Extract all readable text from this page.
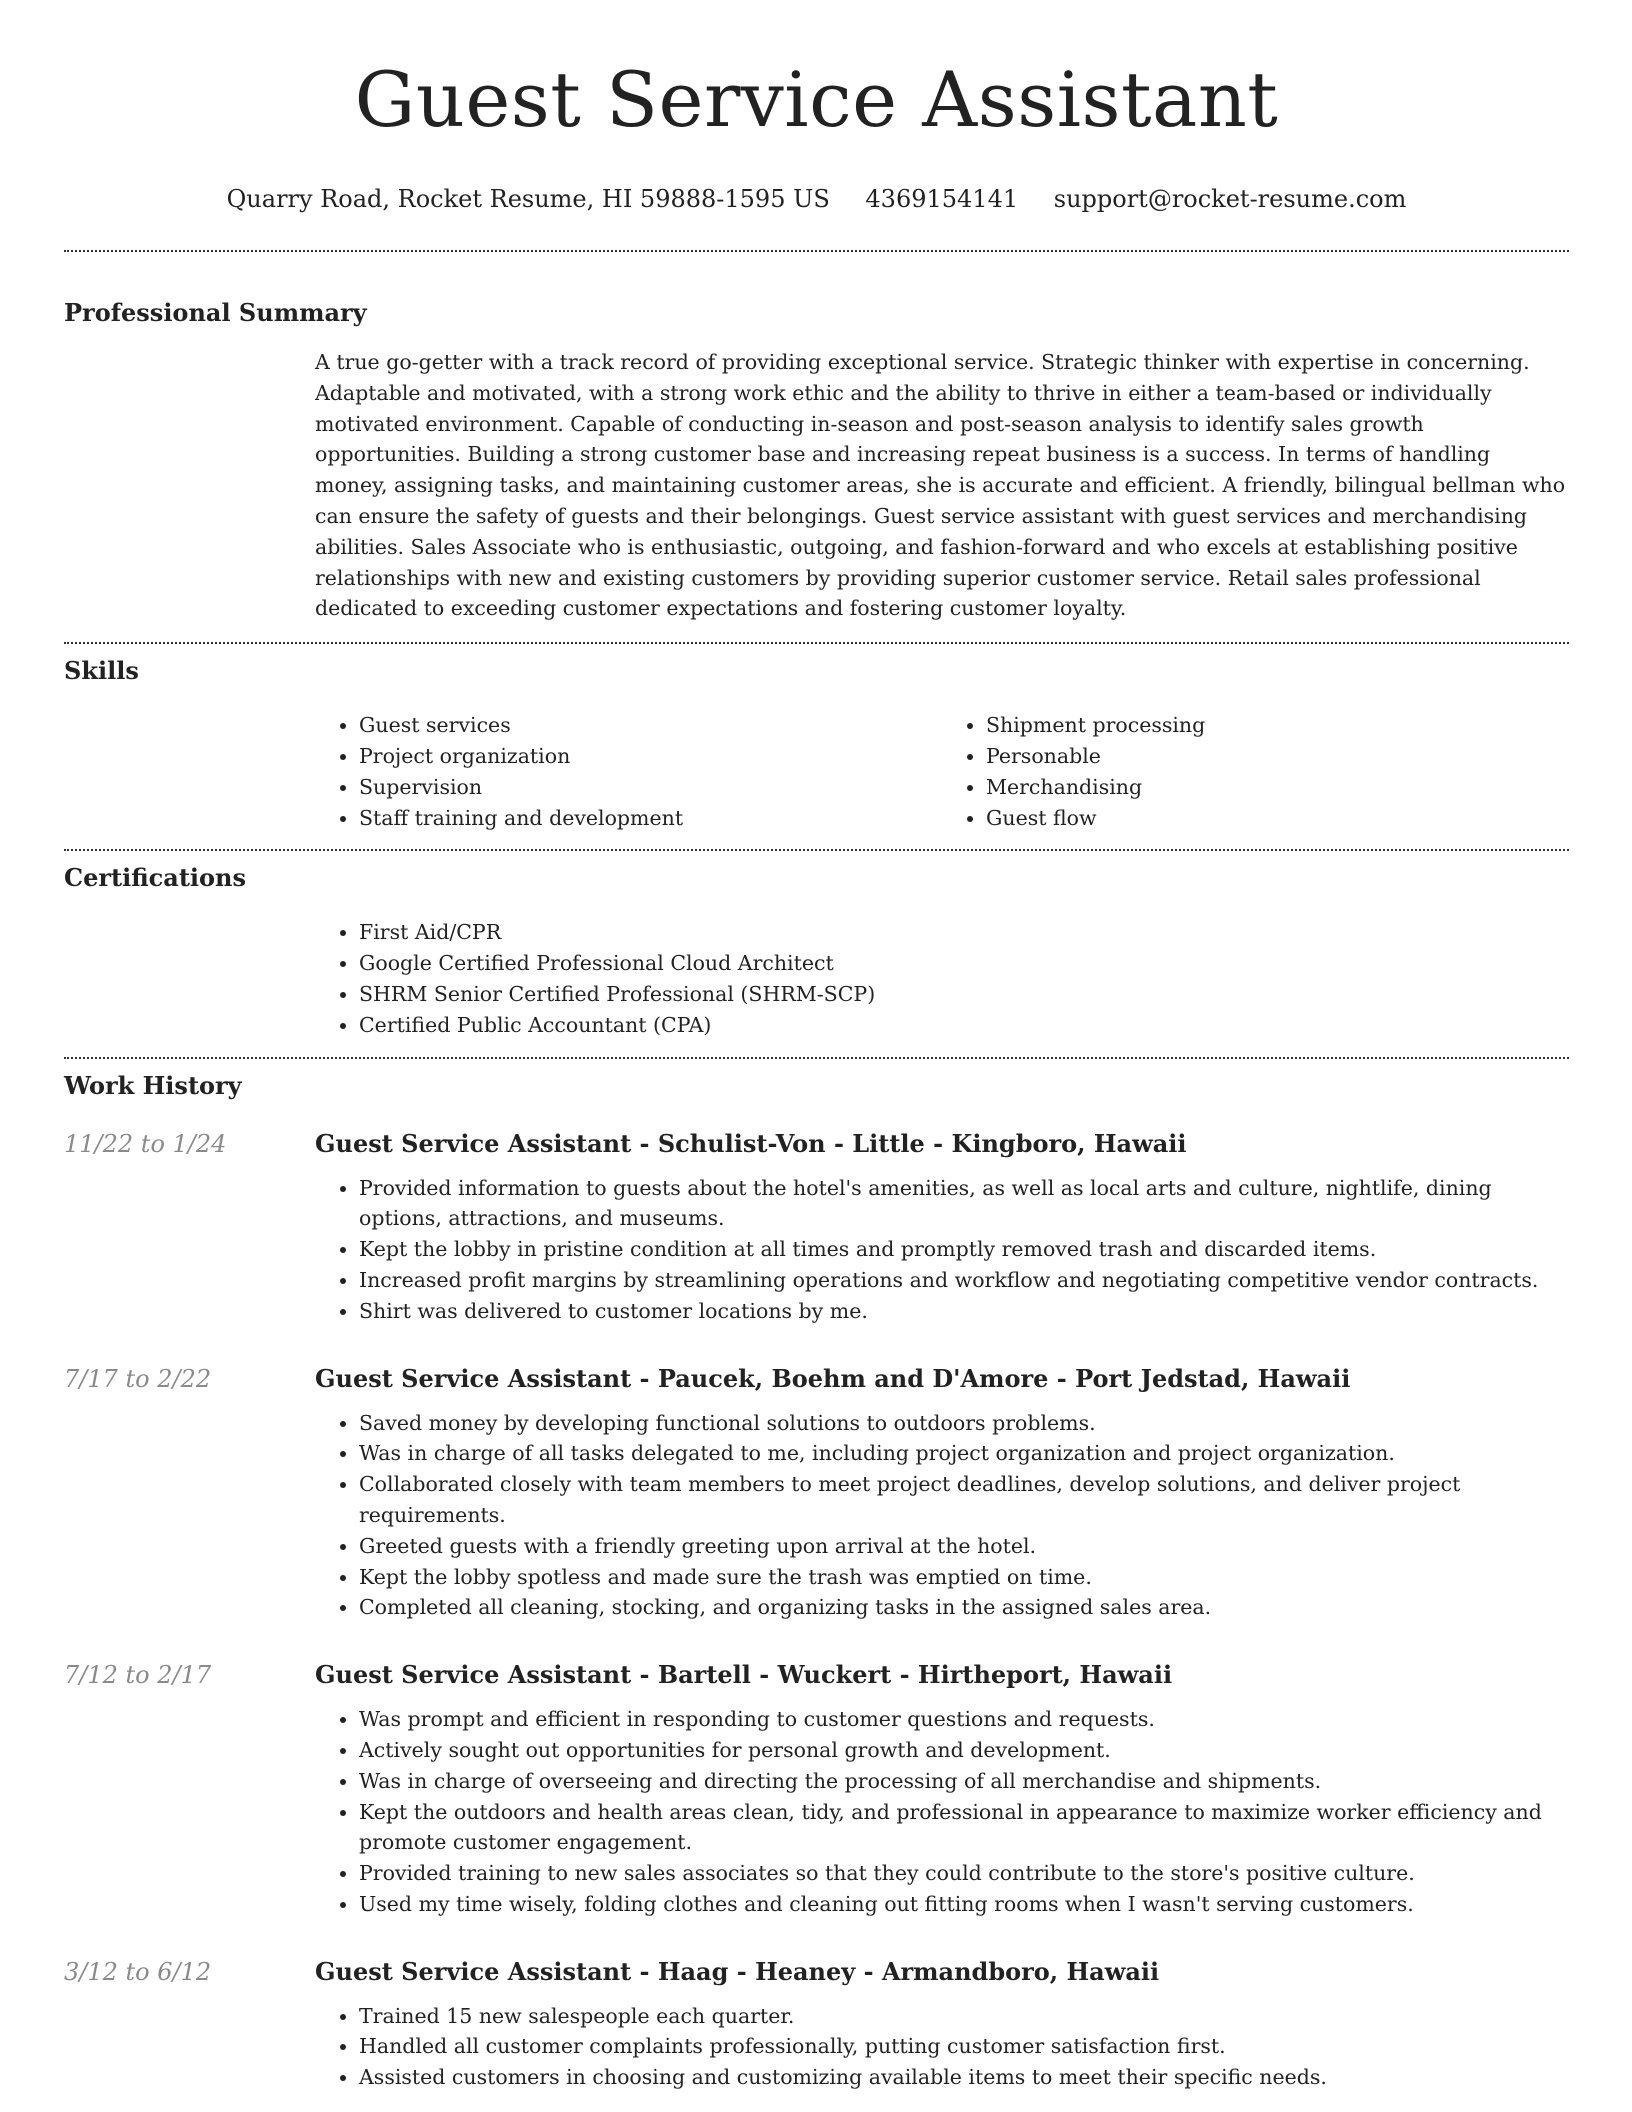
Guest Service Assistant
Quarry Road, Rocket Resume, HI 59888-1595 US 4369154141 support@rocket-resume.com
Professional Summary

A true go-getter with a track record of providing exceptional service. Strategic thinker with expertise in concerning. Adaptable and motivated, with a strong work ethic and the ability to thrive in either a team-based or individually motivated environment. Capable of conducting in-season and post-season analysis to identify sales growth opportunities. Building a strong customer base and increasing repeat business is a success. In terms of handling money, assigning tasks, and maintaining customer areas, she is accurate and efficient. A friendly, bilingual bellman who can ensure the safety of guests and their belongings. Guest service assistant with guest services and merchandising abilities. Sales Associate who is enthusiastic, outgoing, and fashion-forward and who excels at establishing positive relationships with new and existing customers by providing superior customer service. Retail sales professional dedicated to exceeding customer expectations and fostering customer loyalty.

Skills
• Guest services
• Project organization
• Supervision
• Staff training and development
• Shipment processing
• Personable
• Merchandising
• Guest flow
Certifications
• First Aid/CPR
• Google Certified Professional Cloud Architect
• SHRM Senior Certified Professional (SHRM-SCP)
• Certified Public Accountant (CPA)
Work History
11/22 to 1/24	Guest Service Assistant - Schulist-Von - Little - Kingboro, Hawaii
• Provided information to guests about the hotel's amenities, as well as local arts and culture, nightlife, dining options, attractions, and museums.
• Kept the lobby in pristine condition at all times and promptly removed trash and discarded items.
• Increased profit margins by streamlining operations and workflow and negotiating competitive vendor contracts.
• Shirt was delivered to customer locations by me.
7/17 to 2/22	Guest Service Assistant - Paucek, Boehm and D'Amore - Port Jedstad, Hawaii
• Saved money by developing functional solutions to outdoors problems.
• Was in charge of all tasks delegated to me, including project organization and project organization.
• Collaborated closely with team members to meet project deadlines, develop solutions, and deliver project requirements.
• Greeted guests with a friendly greeting upon arrival at the hotel.
• Kept the lobby spotless and made sure the trash was emptied on time.
• Completed all cleaning, stocking, and organizing tasks in the assigned sales area.
7/12 to 2/17	Guest Service Assistant - Bartell - Wuckert - Hirtheport, Hawaii
• Was prompt and efficient in responding to customer questions and requests.
• Actively sought out opportunities for personal growth and development.
• Was in charge of overseeing and directing the processing of all merchandise and shipments.
• Kept the outdoors and health areas clean, tidy, and professional in appearance to maximize worker efficiency and promote customer engagement.
• Provided training to new sales associates so that they could contribute to the store's positive culture.
• Used my time wisely, folding clothes and cleaning out fitting rooms when I wasn't serving customers.
3/12 to 6/12	Guest Service Assistant - Haag - Heaney - Armandboro, Hawaii
• Trained 15 new salespeople each quarter.
• Handled all customer complaints professionally, putting customer satisfaction first.
• Assisted customers in choosing and customizing available items to meet their specific needs.
